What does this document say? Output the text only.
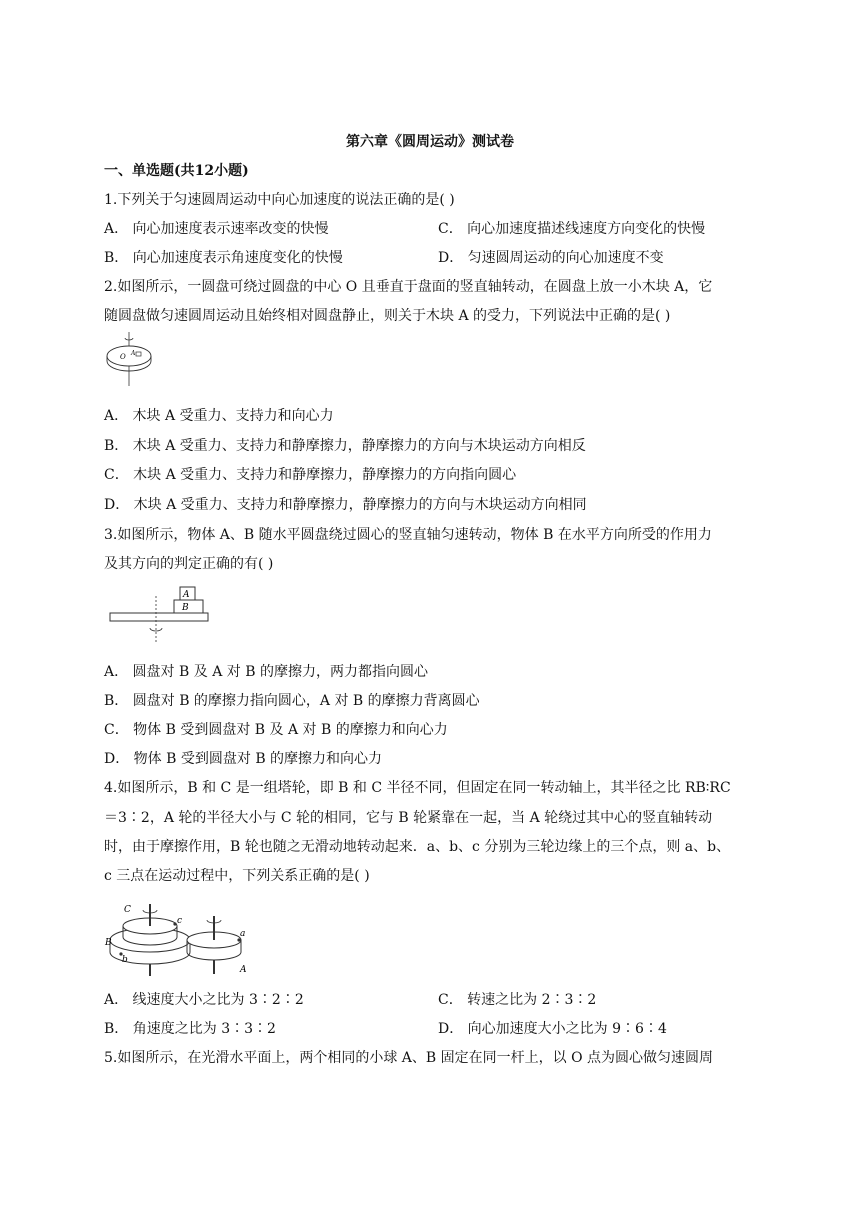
第六章《圆周运动》测试卷
一、单选题(共12小题)
1.下列关于匀速圆周运动中向心加速度的说法正确的是( )
A． 向心加速度表示速率改变的快慢	C． 向心加速度描述线速度方向变化的快慢
B． 向心加速度表示角速度变化的快慢	D． 匀速圆周运动的向心加速度不变
2.如图所示，一圆盘可绕过圆盘的中心 O 且垂直于盘面的竖直轴转动，在圆盘上放一小木块 A，它
随圆盘做匀速圆周运动且始终相对圆盘静止，则关于木块 A 的受力，下列说法中正确的是( )
O A
A． 木块 A 受重力、支持力和向心力
B． 木块 A 受重力、支持力和静摩擦力，静摩擦力的方向与木块运动方向相反
C． 木块 A 受重力、支持力和静摩擦力，静摩擦力的方向指向圆心
D． 木块 A 受重力、支持力和静摩擦力，静摩擦力的方向与木块运动方向相同
3.如图所示，物体 A、B 随水平圆盘绕过圆心的竖直轴匀速转动，物体 B 在水平方向所受的作用力
及其方向的判定正确的有( )
A
B
A． 圆盘对 B 及 A 对 B 的摩擦力，两力都指向圆心
B． 圆盘对 B 的摩擦力指向圆心，A 对 B 的摩擦力背离圆心
C． 物体 B 受到圆盘对 B 及 A 对 B 的摩擦力和向心力
D． 物体 B 受到圆盘对 B 的摩擦力和向心力
4.如图所示，B 和 C 是一组塔轮，即 B 和 C 半径不同，但固定在同一转动轴上，其半径之比 RB∶RC
＝3∶2，A 轮的半径大小与 C 轮的相同，它与 B 轮紧靠在一起，当 A 轮绕过其中心的竖直轴转动
时，由于摩擦作用，B 轮也随之无滑动地转动起来．a、b、c 分别为三轮边缘上的三个点，则 a、b、
c 三点在运动过程中，下列关系正确的是( )
C
c
B
b
a
A
A． 线速度大小之比为 3∶2∶2	C． 转速之比为 2∶3∶2
B． 角速度之比为 3∶3∶2	D． 向心加速度大小之比为 9∶6∶4
5.如图所示，在光滑水平面上，两个相同的小球 A、B 固定在同一杆上，以 O 点为圆心做匀速圆周
